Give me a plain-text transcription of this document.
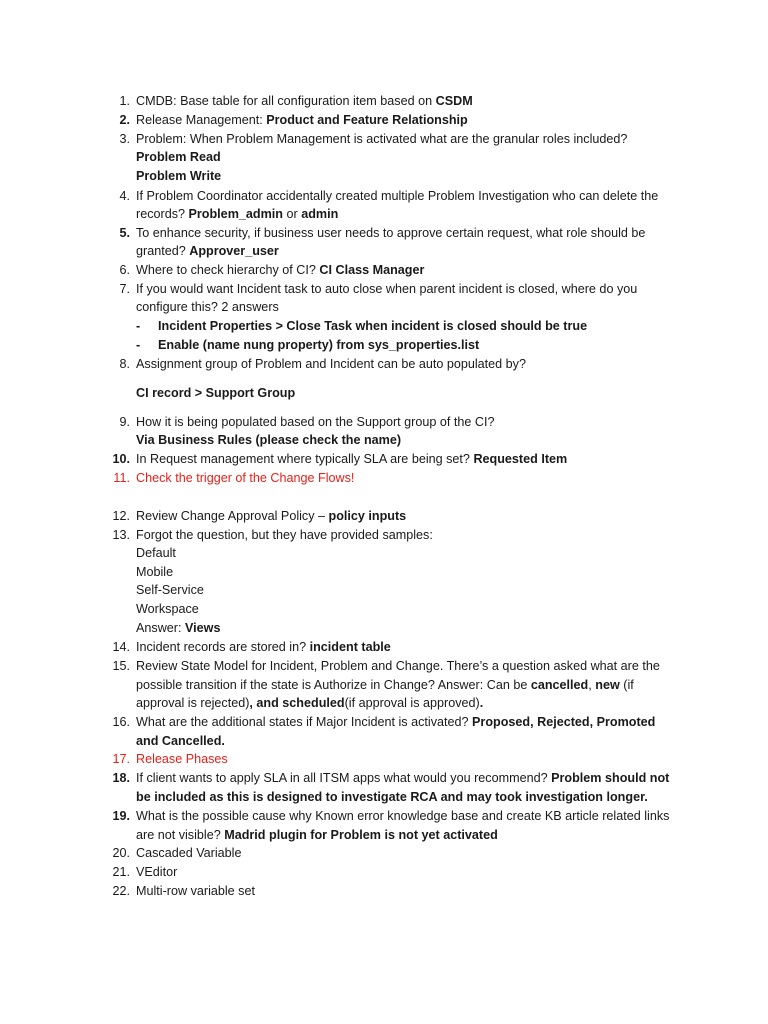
1. CMDB: Base table for all configuration item based on CSDM
2. Release Management: Product and Feature Relationship
3. Problem: When Problem Management is activated what are the granular roles included?
Problem Read
Problem Write
4. If Problem Coordinator accidentally created multiple Problem Investigation who can delete the
records? Problem_admin or admin
5. To enhance security, if business user needs to approve certain request, what role should be
granted? Approver_user
6. Where to check hierarchy of CI? CI Class Manager
7. If you would want Incident task to auto close when parent incident is closed, where do you
configure this? 2 answers
- Incident Properties > Close Task when incident is closed should be true
- Enable (name nung property) from sys_properties.list
8. Assignment group of Problem and Incident can be auto populated by?
CI record > Support Group
9. How it is being populated based on the Support group of the CI?
Via Business Rules (please check the name)
10. In Request management where typically SLA are being set? Requested Item
11. Check the trigger of the Change Flows!
12. Review Change Approval Policy – policy inputs
13. Forgot the question, but they have provided samples:
Default
Mobile
Self-Service
Workspace
Answer: Views
14. Incident records are stored in? incident table
15. Review State Model for Incident, Problem and Change. There’s a question asked what are the
possible transition if the state is Authorize in Change? Answer: Can be cancelled, new (if
approval is rejected), and scheduled(if approval is approved).
16. What are the additional states if Major Incident is activated? Proposed, Rejected, Promoted
and Cancelled.
17. Release Phases
18. If client wants to apply SLA in all ITSM apps what would you recommend? Problem should not
be included as this is designed to investigate RCA and may took investigation longer.
19. What is the possible cause why Known error knowledge base and create KB article related links
are not visible? Madrid plugin for Problem is not yet activated
20. Cascaded Variable
21. VEditor
22. Multi-row variable set
